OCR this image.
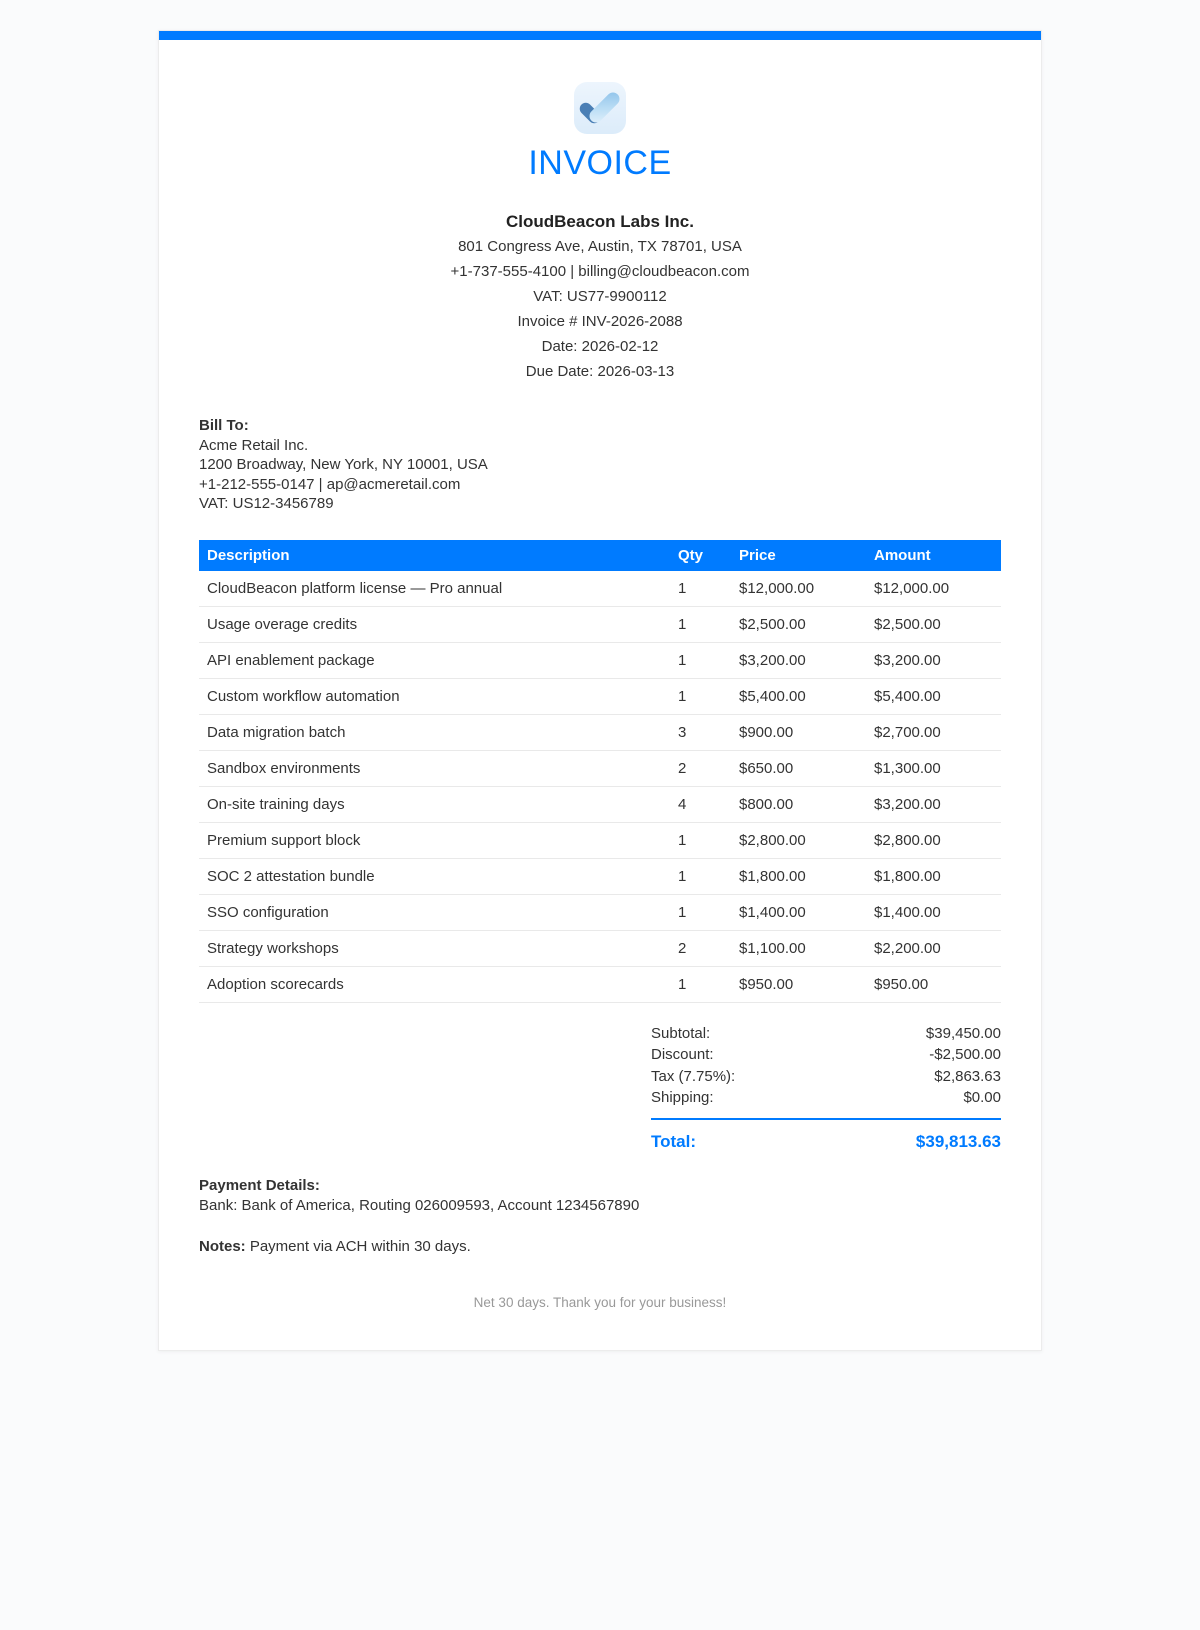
INVOICE
CloudBeacon Labs Inc.
801 Congress Ave, Austin, TX 78701, USA
+1-737-555-4100 | billing@cloudbeacon.com
VAT: US77-9900112
Invoice # INV-2026-2088
Date: 2026-02-12
Due Date: 2026-03-13
Bill To:
Acme Retail Inc.
1200 Broadway, New York, NY 10001, USA
+1-212-555-0147 | ap@acmeretail.com
VAT: US12-3456789
Description	Qty	Price	Amount
CloudBeacon platform license — Pro annual	1	$12,000.00	$12,000.00
Usage overage credits	1	$2,500.00	$2,500.00
API enablement package	1	$3,200.00	$3,200.00
Custom workflow automation	1	$5,400.00	$5,400.00
Data migration batch	3	$900.00	$2,700.00
Sandbox environments	2	$650.00	$1,300.00
On-site training days	4	$800.00	$3,200.00
Premium support block	1	$2,800.00	$2,800.00
SOC 2 attestation bundle	1	$1,800.00	$1,800.00
SSO configuration	1	$1,400.00	$1,400.00
Strategy workshops	2	$1,100.00	$2,200.00
Adoption scorecards	1	$950.00	$950.00
Subtotal:	$39,450.00
Discount:	-$2,500.00
Tax (7.75%):	$2,863.63
Shipping:	$0.00
Total:	$39,813.63
Payment Details:
Bank: Bank of America, Routing 026009593, Account 1234567890
Notes: Payment via ACH within 30 days.
Net 30 days. Thank you for your business!
